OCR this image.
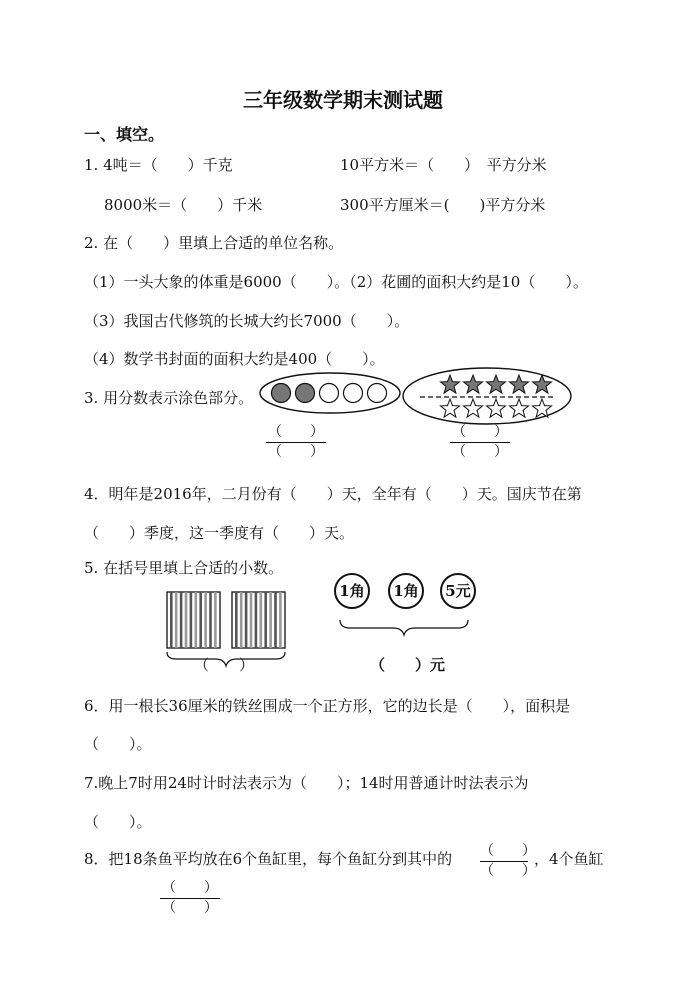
三年级数学期末测试题
一、填空。
1. 4吨＝（　　）千克	10平方米＝（　　）　平方分米
8000米＝（　　）千米	300平方厘米＝(　　)平方分米
2. 在（　　）里填上合适的单位名称。
（1）一头大象的体重是6000（　　）。（2）花圃的面积大约是10（　　）。
（3）我国古代修筑的长城大约长7000（　　）。
（4）数学书封面的面积大约是400（　　）。
3. 用分数表示涂色部分。
1角 1角 5元
（　　）
（　　）
（　　）
（　　）
4．明年是2016年，二月份有（　　）天，全年有（　　）天。国庆节在第
（　　）季度，这一季度有（　　）天。
5. 在括号里填上合适的小数。
（　　）	（　　）元
6．用一根长36厘米的铁丝围成一个正方形，它的边长是（　　），面积是
（　　）。
7.晚上7时用24时计时法表示为（　　）；14时用普通计时法表示为
（　　）。
8．把18条鱼平均放在6个鱼缸里，每个鱼缸分到其中的 （　　）
（　　）
，4个鱼缸
（　　）
（　　）
